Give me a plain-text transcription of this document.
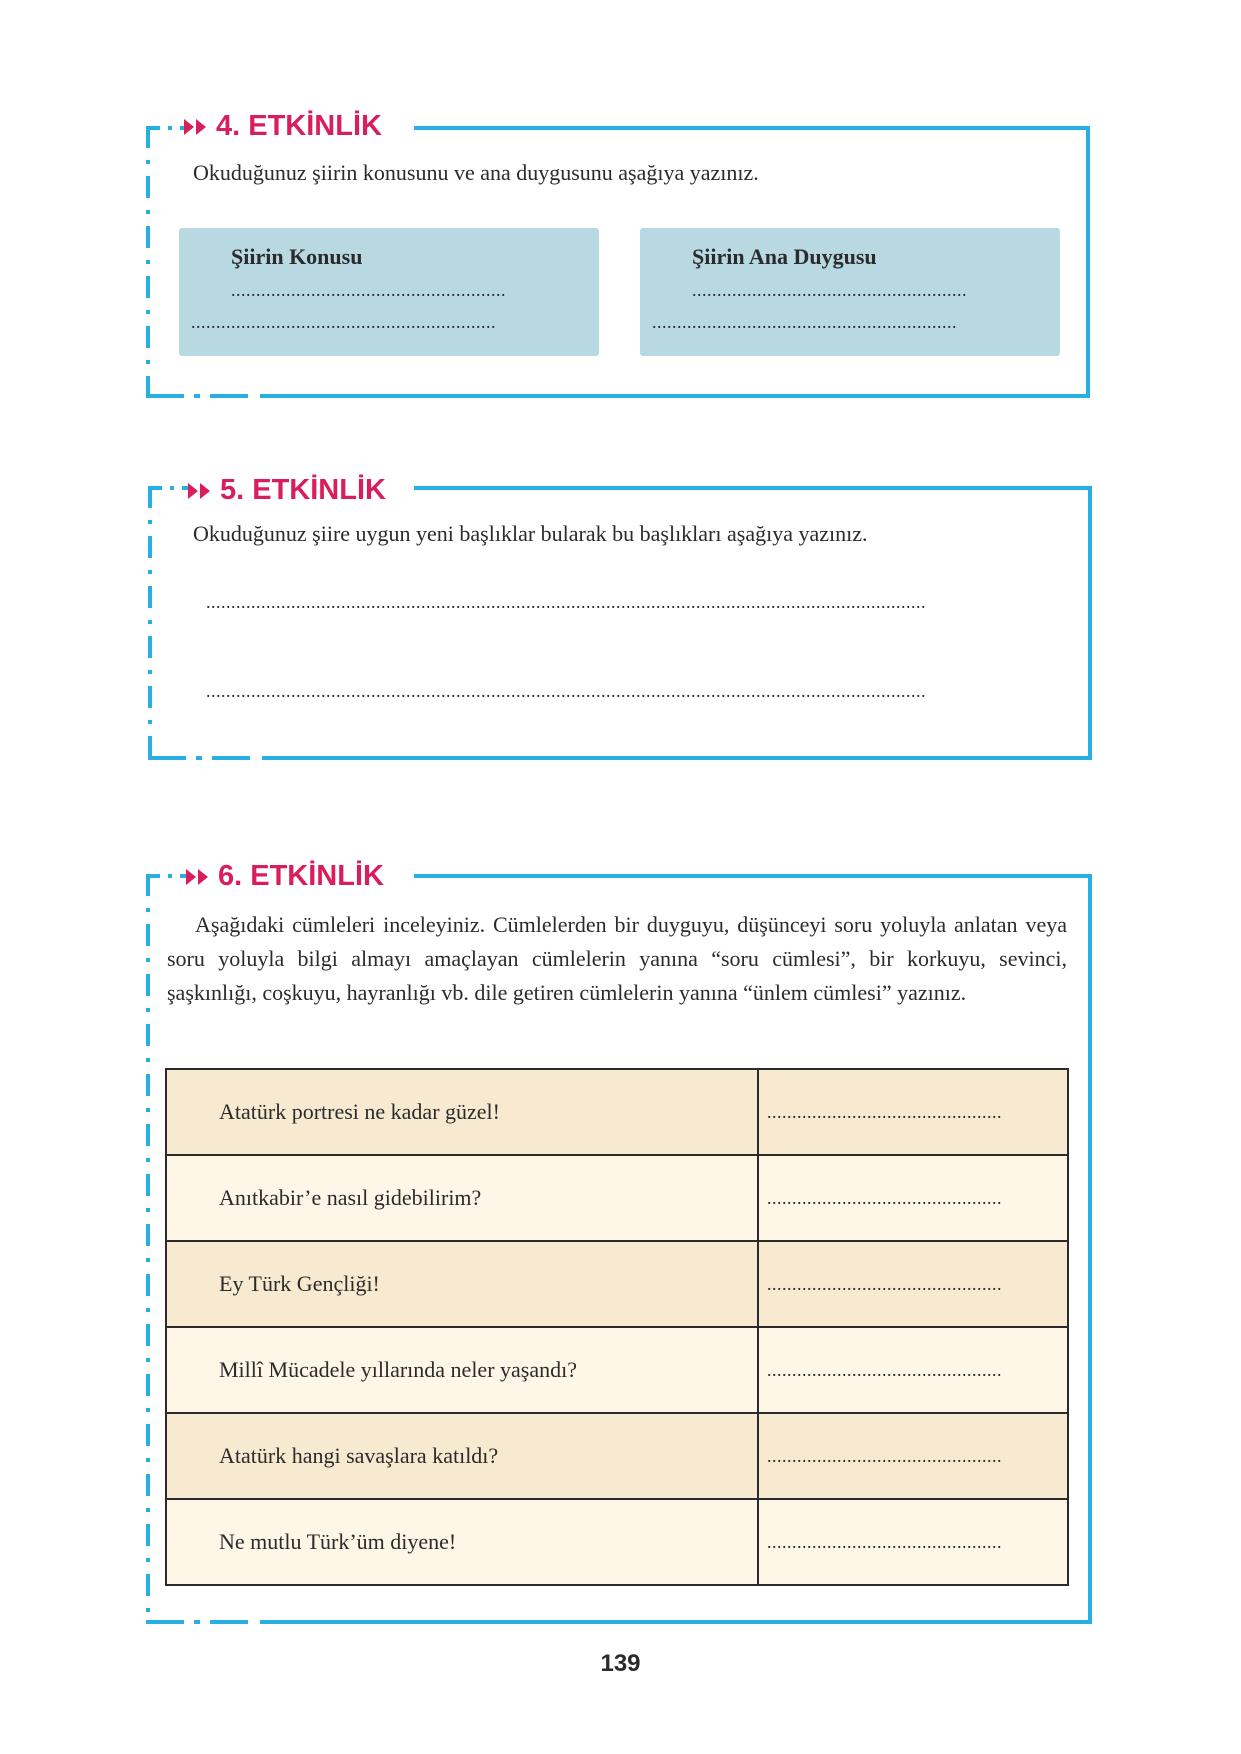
4. ETKİNLİK
Okuduğunuz şiirin konusunu ve ana duygusunu aşağıya yazınız.
Şiirin Konusu
.......................................................
.............................................................
Şiirin Ana Duygusu
.......................................................
.............................................................
5. ETKİNLİK
Okuduğunuz şiire uygun yeni başlıklar bularak bu başlıkları aşağıya yazınız.
................................................................................................................................................
................................................................................................................................................
6. ETKİNLİK
Aşağıdaki cümleleri inceleyiniz. Cümlelerden bir duyguyu, düşünceyi soru yoluyla anlatan veya soru yoluyla bilgi almayı amaçlayan cümlelerin yanına “soru cümlesi”, bir korkuyu, sevinci, şaşkınlığı, coşkuyu, hayranlığı vb. dile getiren cümlelerin yanına “ünlem cümlesi” yazınız.
Atatürk portresi ne kadar güzel!	...............................................
Anıtkabir’e nasıl gidebilirim?	...............................................
Ey Türk Gençliği!	...............................................
Millî Mücadele yıllarında neler yaşandı?	...............................................
Atatürk hangi savaşlara katıldı?	...............................................
Ne mutlu Türk’üm diyene!	...............................................
139
